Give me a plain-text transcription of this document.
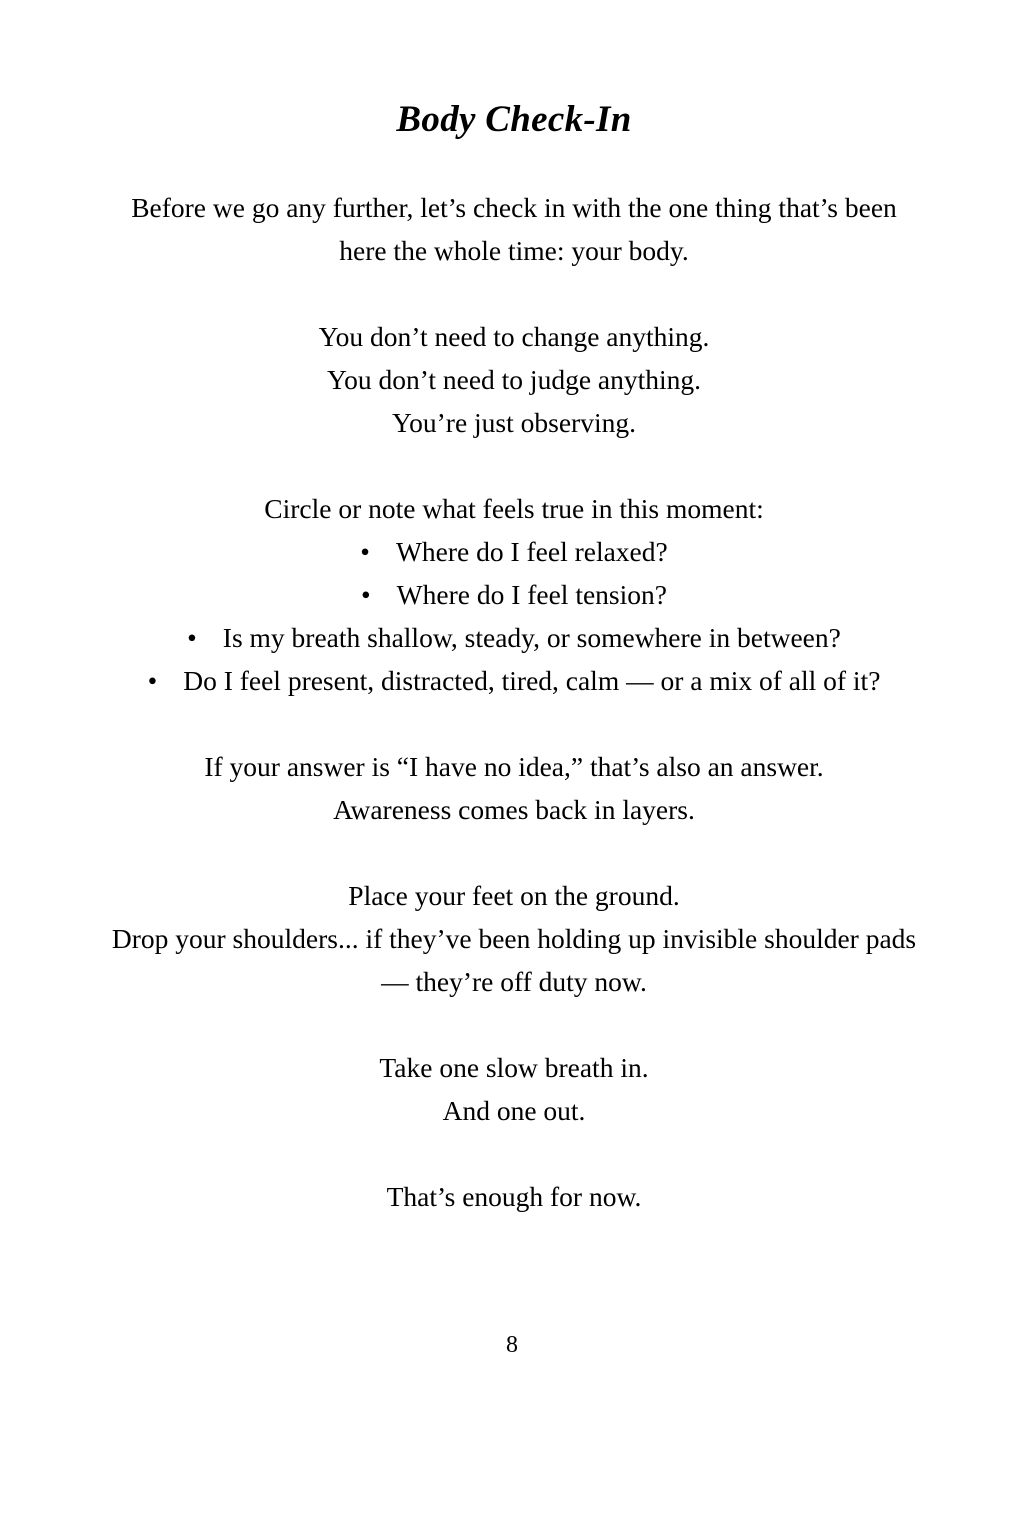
Body Check-In

Before we go any further, let’s check in with the one thing that’s been here the whole time: your body.

You don’t need to change anything.
You don’t need to judge anything.
You’re just observing.

Circle or note what feels true in this moment:

• Where do I feel relaxed?
• Where do I feel tension?
• Is my breath shallow, steady, or somewhere in between?
• Do I feel present, distracted, tired, calm — or a mix of all of it?

If your answer is “I have no idea,” that’s also an answer.
Awareness comes back in layers.

Place your feet on the ground.
Drop your shoulders... if they’ve been holding up invisible shoulder pads — they’re off duty now.

Take one slow breath in.
And one out.

That’s enough for now.

8
